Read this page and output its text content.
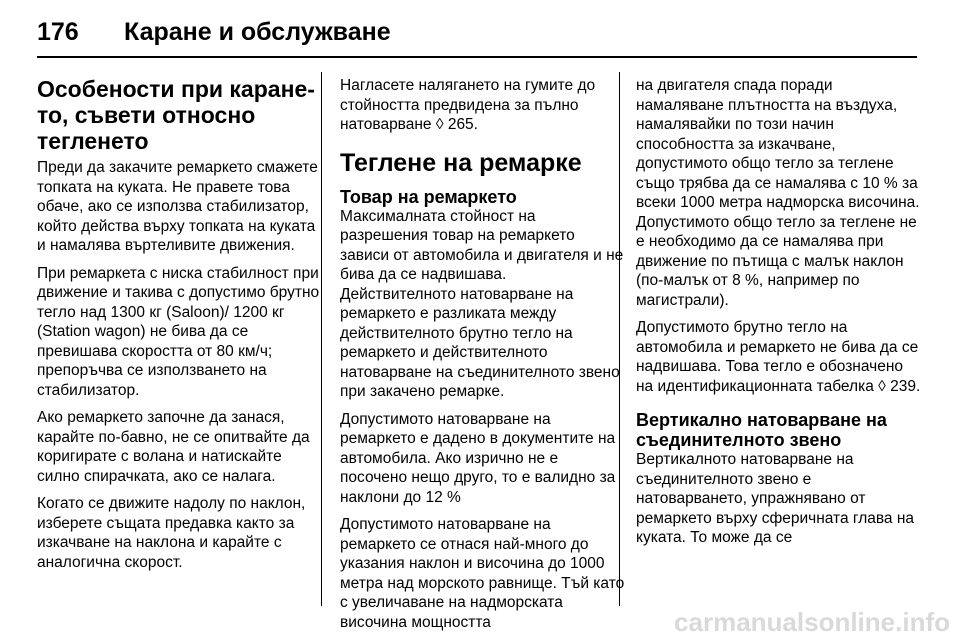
176 Каране и обслужване
Особености при карането, съвети относно тегленето

Преди да закачите ремаркето смажете топката на куката. Не правете това обаче, ако се използва стабилизатор, който действа върху топката на куката и намалява въртеливите движения.

При ремаркета с ниска стабилност при движение и такива с допустимо брутно тегло над 1300 кг (Saloon)/ 1200 кг (Station wagon) не бива да се превишава скоростта от 80 км/ч; препоръчва се използването на стабилизатор.

Ако ремаркето започне да занася, карайте по-бавно, не се опитвайте да коригирате с волана и натискайте силно спирачката, ако се налага.

Когато се движите надолу по наклон, изберете същата предавка както за изкачване на наклона и карайте с аналогична скорост.

Нагласете налягането на гумите до стойността предвидена за пълно натоварване ◊ 265.

Теглене на ремарке
Товар на ремаркето

Максималната стойност на разрешения товар на ремаркето зависи от автомобила и двигателя и не бива да се надвишава. Действителното натоварване на ремаркето е разликата между действителното брутно тегло на ремаркето и действителното натоварване на съединителното звено при закачено ремарке.

Допустимото натоварване на ремаркето е дадено в документите на автомобила. Ако изрично не е посочено нещо друго, то е валидно за наклони до 12 %

Допустимото натоварване на ремаркето се отнася най-много до указания наклон и височина до 1000 метра над морското равнище. Тъй като с увеличаване на надморската височина мощността

на двигателя спада поради намаляване плътността на въздуха, намалявайки по този начин способността за изкачване, допустимото общо тегло за теглене също трябва да се намалява с 10 % за всеки 1000 метра надморска височина. Допустимото общо тегло за теглене не е необходимо да се намалява при движение по пътища с малък наклон (по-малък от 8 %, например по магистрали).

Допустимото брутно тегло на автомобила и ремаркето не бива да се надвишава. Това тегло е обозначено на идентификационната табелка ◊ 239.

Вертикално натоварване на съединителното звено

Вертикалното натоварване на съединителното звено е натоварването, упражнявано от ремаркето върху сферичната глава на куката. То може да се

carmanualsonline.info
